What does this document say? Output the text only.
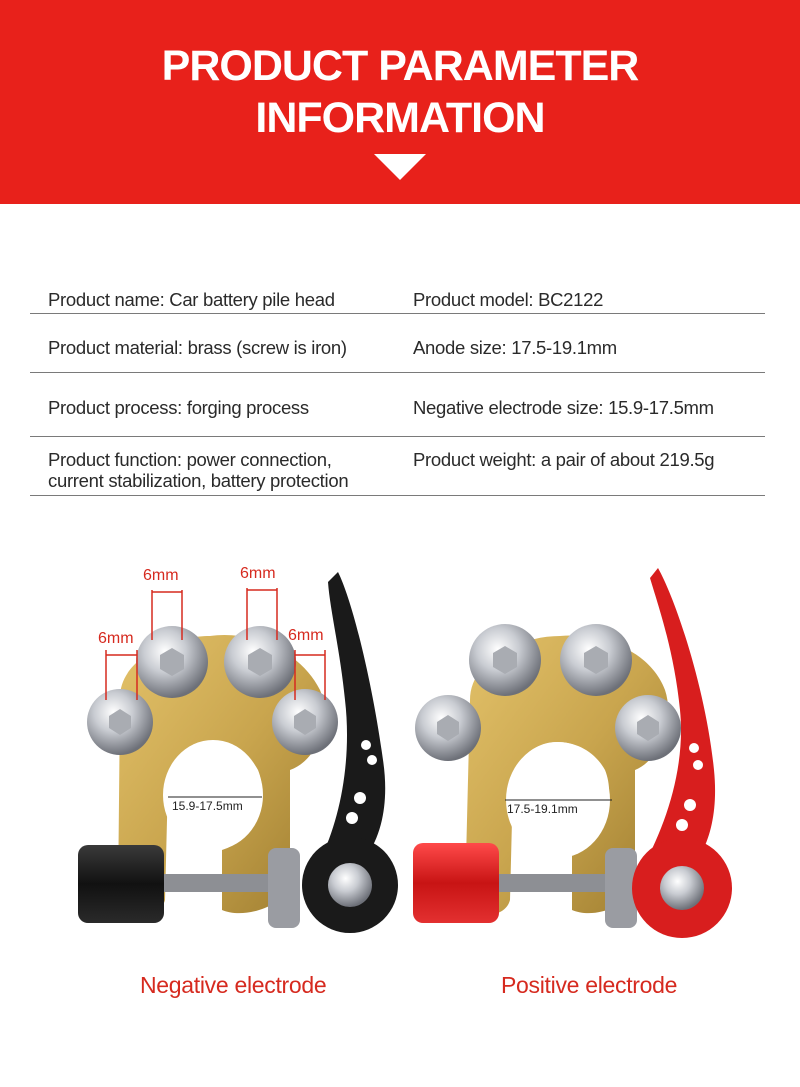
PRODUCT PARAMETER
INFORMATION
Product name: Car battery pile head	Product model: BC2122
Product material: brass (screw is iron)	Anode size: 17.5-19.1mm
Product process: forging process	Negative electrode size: 15.9-17.5mm
Product function: power connection,
current stabilization, battery protection
Product weight: a pair of about 219.5g
6mm	6mm
6mm	6mm
15.9-17.5mm	17.5-19.1mm
Negative electrode	Positive electrode
